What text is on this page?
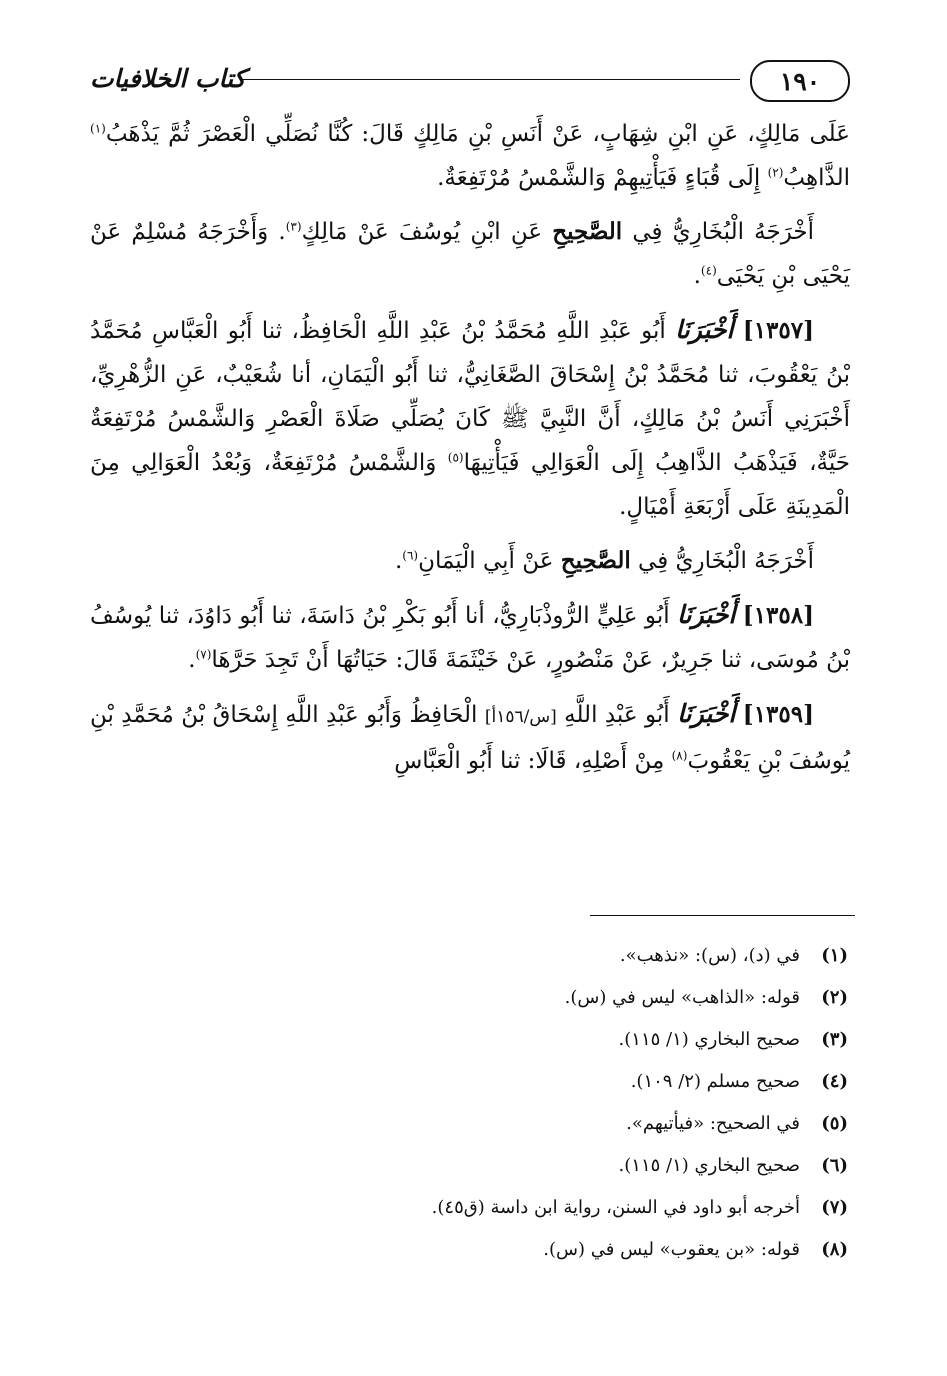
كتاب الخلافيات	١٩٠

عَلَى مَالِكٍ، عَنِ ابْنِ شِهَابٍ، عَنْ أَنَسِ بْنِ مَالِكٍ قَالَ: كُنَّا نُصَلِّي الْعَصْرَ ثُمَّ يَذْهَبُ$^{(١)}$ الذَّاهِبُ$^{(٢)}$ إِلَى قُبَاءٍ فَيَأْتِيهِمْ وَالشَّمْسُ مُرْتَفِعَةٌ.

أَخْرَجَهُ الْبُخَارِيُّ فِي الصَّحِيحِ عَنِ ابْنِ يُوسُفَ عَنْ مَالِكٍ$^{(٣)}$. وَأَخْرَجَهُ مُسْلِمٌ عَنْ يَحْيَى بْنِ يَحْيَى$^{(٤)}$.

[١٣٥٧] أَخْبَرَنَا أَبُو عَبْدِ اللَّهِ مُحَمَّدُ بْنُ عَبْدِ اللَّهِ الْحَافِظُ، ثنا أَبُو الْعَبَّاسِ مُحَمَّدُ بْنُ يَعْقُوبَ، ثنا مُحَمَّدُ بْنُ إِسْحَاقَ الصَّغَانِيُّ، ثنا أَبُو الْيَمَانِ، أنا شُعَيْبٌ، عَنِ الزُّهْرِيِّ، أَخْبَرَنِي أَنَسُ بْنُ مَالِكٍ، أَنَّ النَّبِيَّ ﷺ كَانَ يُصَلِّي صَلَاةَ الْعَصْرِ وَالشَّمْسُ مُرْتَفِعَةٌ حَيَّةٌ، فَيَذْهَبُ الذَّاهِبُ إِلَى الْعَوَالِي فَيَأْتِيهَا$^{(٥)}$ وَالشَّمْسُ مُرْتَفِعَةٌ، وَبُعْدُ الْعَوَالِي مِنَ الْمَدِينَةِ عَلَى أَرْبَعَةِ أَمْيَالٍ.

أَخْرَجَهُ الْبُخَارِيُّ فِي الصَّحِيحِ عَنْ أَبِي الْيَمَانِ$^{(٦)}$.

[١٣٥٨] أَخْبَرَنَا أَبُو عَلِيٍّ الرُّوذْبَارِيُّ، أنا أَبُو بَكْرِ بْنُ دَاسَةَ، ثنا أَبُو دَاوُدَ، ثنا يُوسُفُ بْنُ مُوسَى، ثنا جَرِيرٌ، عَنْ مَنْصُورٍ، عَنْ خَيْثَمَةَ قَالَ: حَيَاتُهَا أَنْ تَجِدَ حَرَّهَا$^{(٧)}$.

[١٣٥٩] أَخْبَرَنَا أَبُو عَبْدِ اللَّهِ [س/١٥٦أ] الْحَافِظُ وَأَبُو عَبْدِ اللَّهِ إِسْحَاقُ بْنُ مُحَمَّدِ بْنِ يُوسُفَ بْنِ يَعْقُوبَ$^{(٨)}$ مِنْ أَصْلِهِ، قَالَا: ثنا أَبُو الْعَبَّاسِ

(١)
في (د)، (س): «نذهب».
(٢)
قوله: «الذاهب» ليس في (س).
(٣)
صحيح البخاري (١/ ١١٥).
(٤)
صحيح مسلم (٢/ ١٠٩).
(٥)
في الصحيح: «فيأتيهم».
(٦)
صحيح البخاري (١/ ١١٥).
(٧)
أخرجه أبو داود في السنن، رواية ابن داسة (ق٤٥).
(٨)
قوله: «بن يعقوب» ليس في (س).
